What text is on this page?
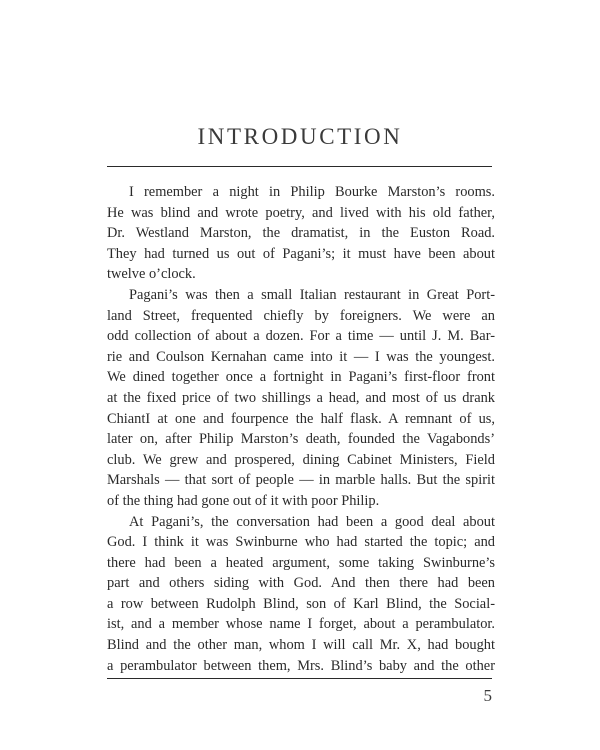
INTRODUCTION

I remember a night in Philip Bourke Marston’s rooms.
He was blind and wrote poetry, and lived with his old father,
Dr. Westland Marston, the dramatist, in the Euston Road.
They had turned us out of Pagani’s; it must have been about
twelve o’clock.

Pagani’s was then a small Italian restaurant in Great Port-
land Street, frequented chiefly by foreigners. We were an
odd collection of about a dozen. For a time — until J. M. Bar-
rie and Coulson Kernahan came into it — I was the youngest.
We dined together once a fortnight in Pagani’s first-floor front
at the fixed price of two shillings a head, and most of us drank
ChiantI at one and fourpence the half flask. A remnant of us,
later on, after Philip Marston’s death, founded the Vagabonds’
club. We grew and prospered, dining Cabinet Ministers, Field
Marshals — that sort of people — in marble halls. But the spirit
of the thing had gone out of it with poor Philip.

At Pagani’s, the conversation had been a good deal about
God. I think it was Swinburne who had started the topic; and
there had been a heated argument, some taking Swinburne’s
part and others siding with God. And then there had been
a row between Rudolph Blind, son of Karl Blind, the Social-
ist, and a member whose name I forget, about a perambulator.
Blind and the other man, whom I will call Mr. X, had bought
a perambulator between them, Mrs. Blind’s baby and the other

5
